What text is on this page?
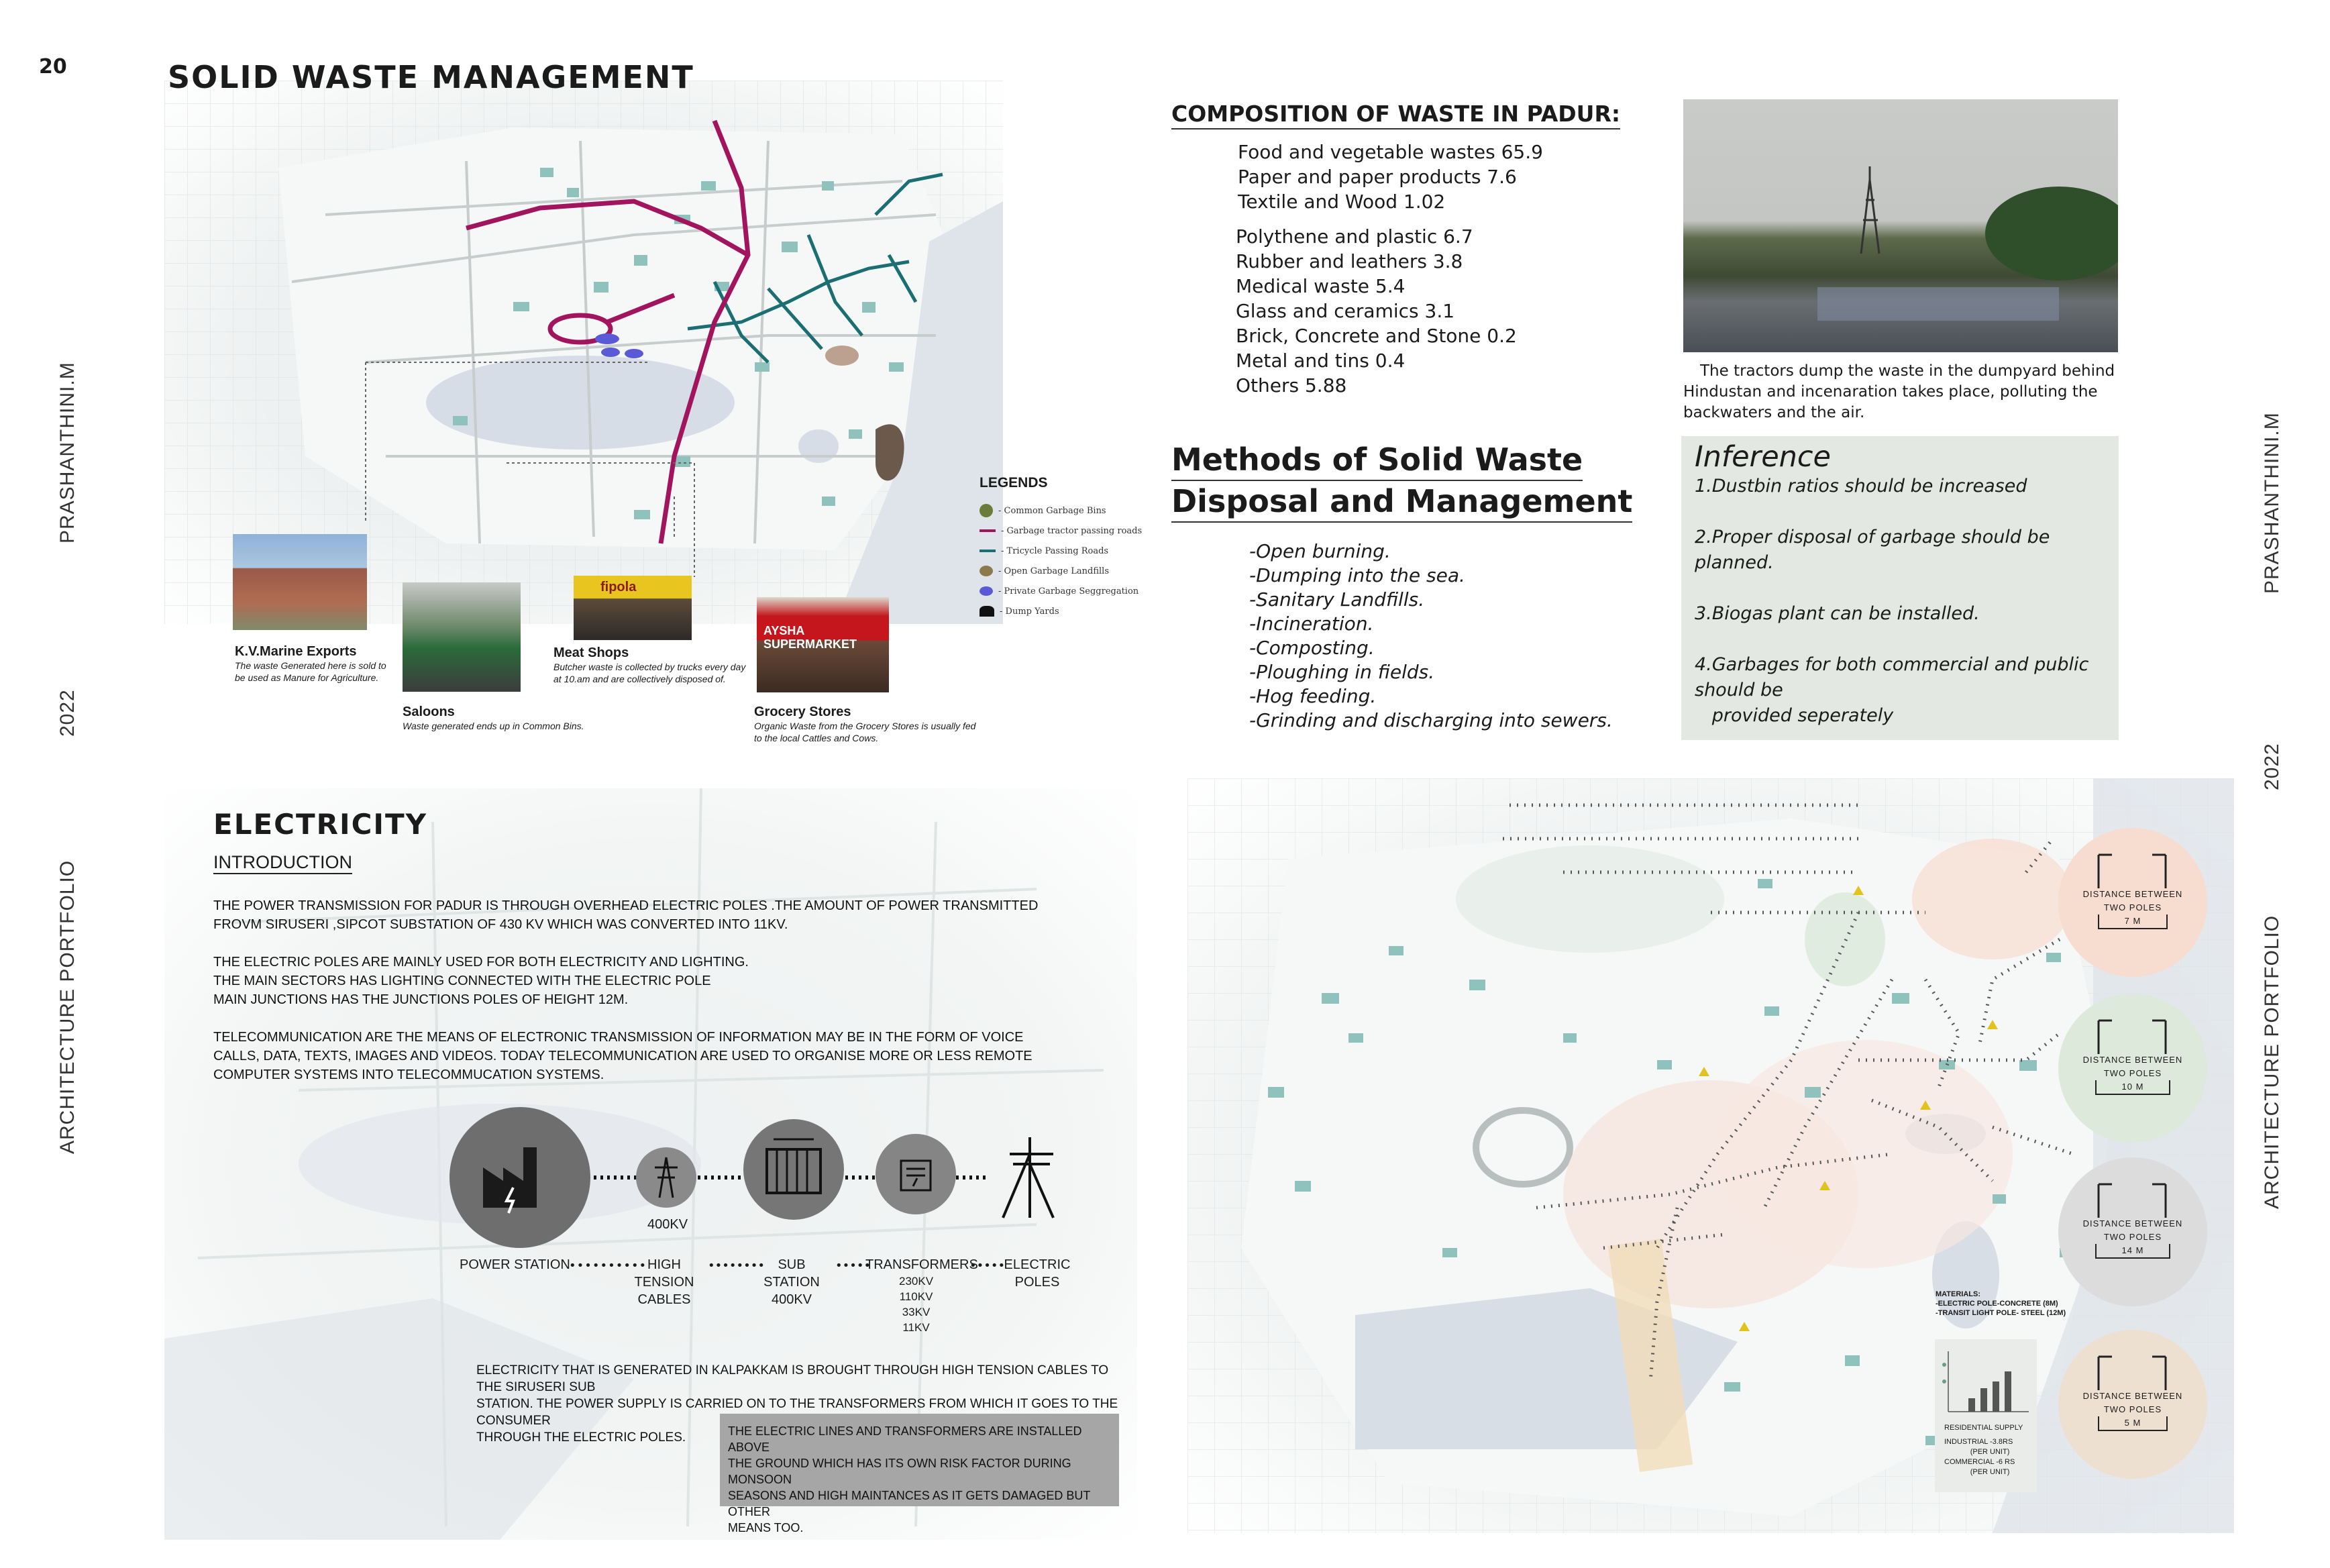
20
PRASHANTHINI.M
2022
ARCHITECTURE PORTFOLIO
PRASHANTHINI.M
2022
ARCHITECTURE PORTFOLIO
SOLID WASTE MANAGEMENT
LEGENDS
- Common Garbage Bins
- Garbage tractor passing roads
- Tricycle Passing Roads
- Open Garbage Landfills
- Private Garbage Seggregation
- Dump Yards
fipola
AYSHA SUPERMARKET
K.V.Marine Exports
The waste Generated here is sold to be used as Manure for Agriculture.
Saloons
Waste generated ends up in Common Bins.
Meat Shops
Butcher waste is collected by trucks every day at 10.am and are collectively disposed of.
Grocery Stores
Organic Waste from the Grocery Stores is usually fed to the local Cattles and Cows.
COMPOSITION OF WASTE IN PADUR:
Food and vegetable wastes 65.9
Paper and paper products 7.6
Textile and Wood 1.02
Polythene and plastic 6.7
Rubber and leathers 3.8
Medical waste 5.4
Glass and ceramics 3.1
Brick, Concrete and Stone 0.2
Metal and tins 0.4
Others 5.88
Methods of Solid Waste
Disposal and Management
-Open burning.
-Dumping into the sea.
-Sanitary Landfills.
-Incineration.
-Composting.
-Ploughing in fields.
-Hog feeding.
-Grinding and discharging into sewers.
The tractors dump the waste in the dumpyard behind Hindustan and incenaration takes place, polluting the backwaters and the air.
Inference
1.Dustbin ratios should be increased
2.Proper disposal of garbage should be planned.
3.Biogas plant can be installed.
4.Garbages for both commercial and public should be
provided seperately
ELECTRICITY
INTRODUCTION
THE POWER TRANSMISSION FOR PADUR IS THROUGH OVERHEAD ELECTRIC POLES .THE AMOUNT OF POWER TRANSMITTED
FROVM SIRUSERI ,SIPCOT SUBSTATION OF 430 KV WHICH WAS CONVERTED INTO 11KV.
THE ELECTRIC POLES ARE MAINLY USED FOR BOTH ELECTRICITY AND LIGHTING.
THE MAIN SECTORS HAS LIGHTING CONNECTED WITH THE ELECTRIC POLE
MAIN JUNCTIONS HAS THE JUNCTIONS POLES OF HEIGHT 12M.
TELECOMMUNICATION ARE THE MEANS OF ELECTRONIC TRANSMISSION OF INFORMATION MAY BE IN THE FORM OF VOICE
CALLS, DATA, TEXTS, IMAGES AND VIDEOS. TODAY TELECOMMUNICATION ARE USED TO ORGANISE MORE OR LESS REMOTE
COMPUTER SYSTEMS INTO TELECOMMUCATION SYSTEMS.
400KV
POWER STATION
•••••••••• HIGH TENSION CABLES
•••••••• SUB STATION 400KV
•••••
TRANSFORMERS
230KV
110KV
33KV
11KV
•••••
ELECTRIC POLES
ELECTRICITY THAT IS GENERATED IN KALPAKKAM IS BROUGHT THROUGH HIGH TENSION CABLES TO THE SIRUSERI SUB
STATION. THE POWER SUPPLY IS CARRIED ON TO THE TRANSFORMERS FROM WHICH IT GOES TO THE CONSUMER
THROUGH THE ELECTRIC POLES.	THE ELECTRIC LINES AND TRANSFORMERS ARE INSTALLED ABOVE
THE GROUND WHICH HAS ITS OWN RISK FACTOR DURING MONSOON
SEASONS AND HIGH MAINTANCES AS IT GETS DAMAGED BUT OTHER
MEANS TOO.
DISTANCE BETWEEN
TWO POLES
7 M
DISTANCE BETWEEN
TWO POLES
10 M
DISTANCE BETWEEN
TWO POLES
14 M
DISTANCE BETWEEN
TWO POLES
5 M
MATERIALS:
-ELECTRIC POLE-CONCRETE (8M)
-TRANSIT LIGHT POLE- STEEL (12M)
RESIDENTIAL SUPPLY
INDUSTRIAL -3.8RS
(PER UNIT)
COMMERCIAL -6 RS
(PER UNIT)
